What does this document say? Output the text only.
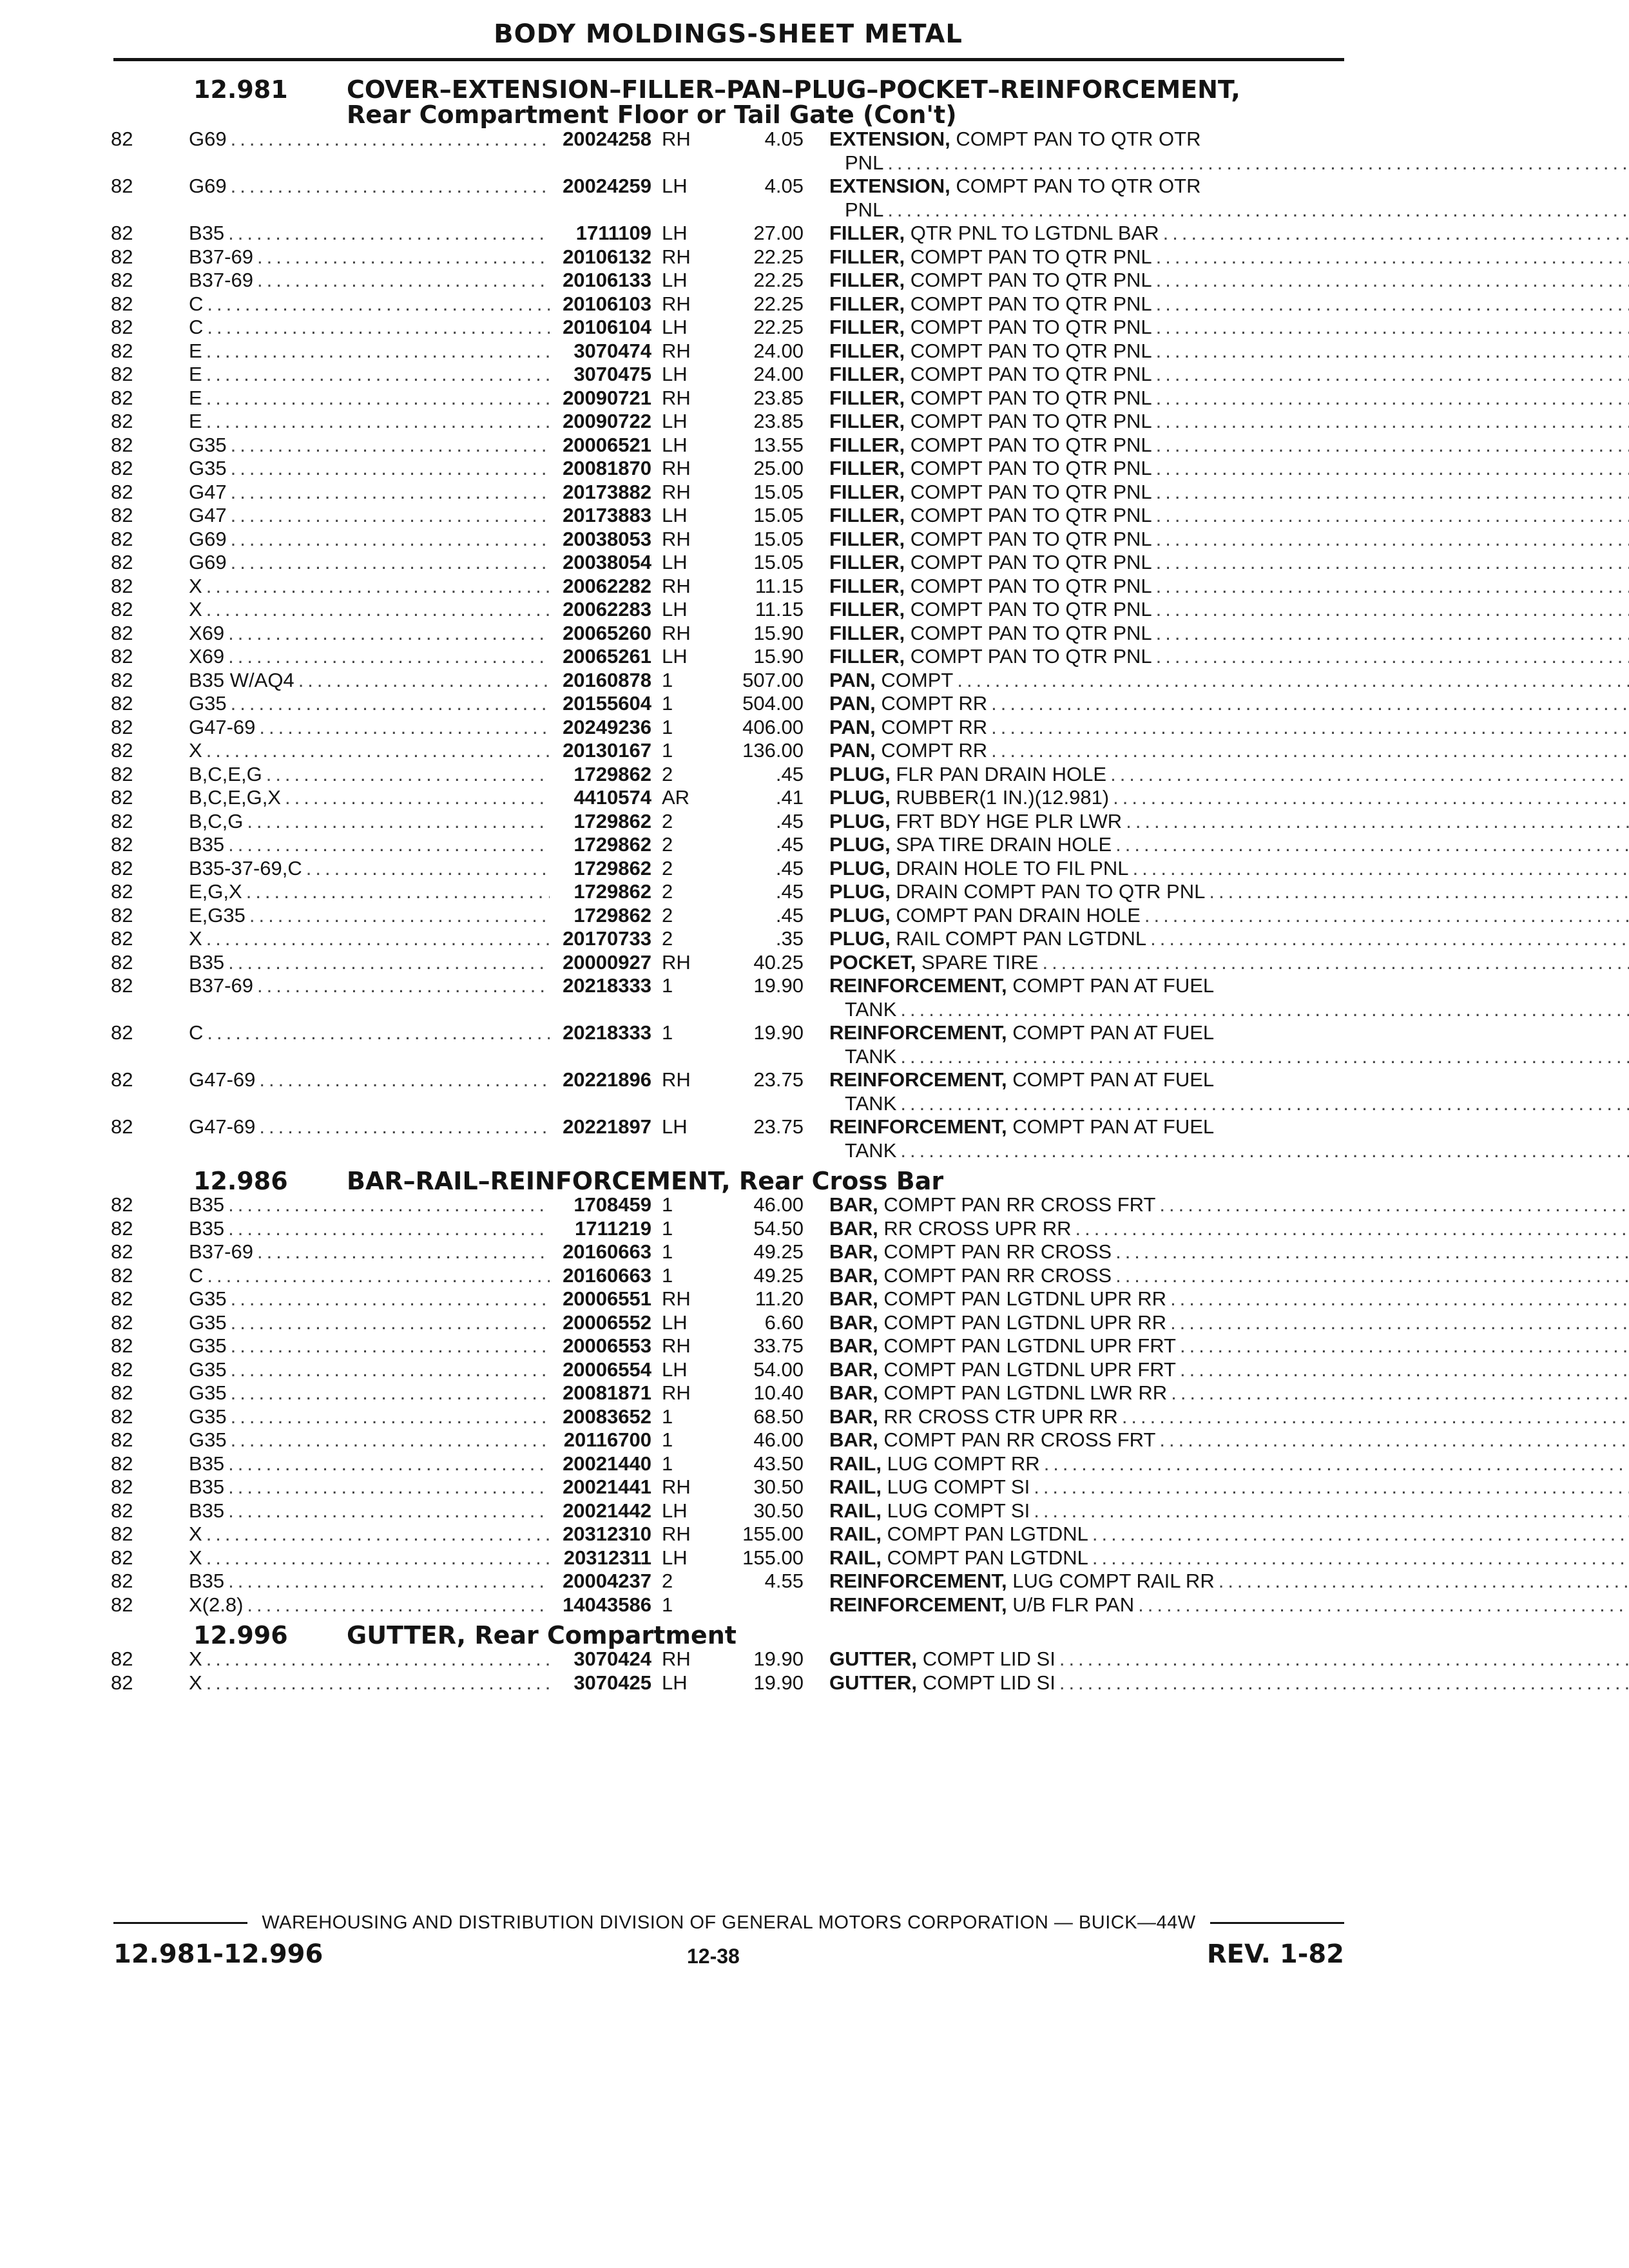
BODY MOLDINGS-SHEET METAL
12.981	COVER–EXTENSION–FILLER–PAN–PLUG–POCKET–REINFORCEMENT,
Rear Compartment Floor or Tail Gate (Con't)
82	G69 .....	20024258 RH	4.05 EXTENSION, COMPT PAN TO QTR OTR
PNL
.....
82	G69 .....	20024259 LH	4.05 EXTENSION, COMPT PAN TO QTR OTR
PNL
.....
82	B35 .....	1711109 LH	27.00 FILLER, QTR PNL TO LGTDNL BAR
.....
82	B37-69 .....	20106132 RH	22.25 FILLER, COMPT PAN TO QTR PNL
.....
82	B37-69 .....	20106133 LH	22.25 FILLER, COMPT PAN TO QTR PNL
.....
82	C .....	20106103 RH	22.25 FILLER, COMPT PAN TO QTR PNL
.....
82	C .....	20106104 LH	22.25 FILLER, COMPT PAN TO QTR PNL
.....
82	E .....	3070474 RH	24.00 FILLER, COMPT PAN TO QTR PNL
.....
82	E .....	3070475 LH	24.00 FILLER, COMPT PAN TO QTR PNL
.....
82	E .....	20090721 RH	23.85 FILLER, COMPT PAN TO QTR PNL
.....
82	E .....	20090722 LH	23.85 FILLER, COMPT PAN TO QTR PNL
.....
82	G35 .....	20006521 LH	13.55 FILLER, COMPT PAN TO QTR PNL
.....
82	G35 .....	20081870 RH	25.00 FILLER, COMPT PAN TO QTR PNL
.....
82	G47 .....	20173882 RH	15.05 FILLER, COMPT PAN TO QTR PNL
.....
82	G47 .....	20173883 LH	15.05 FILLER, COMPT PAN TO QTR PNL
.....
82	G69 .....	20038053 RH	15.05 FILLER, COMPT PAN TO QTR PNL
.....
82	G69 .....	20038054 LH	15.05 FILLER, COMPT PAN TO QTR PNL
.....
82	X .....	20062282 RH	11.15 FILLER, COMPT PAN TO QTR PNL
.....
82	X .....	20062283 LH	11.15 FILLER, COMPT PAN TO QTR PNL
.....
82	X69 .....	20065260 RH	15.90 FILLER, COMPT PAN TO QTR PNL
.....
82	X69 .....	20065261 LH	15.90 FILLER, COMPT PAN TO QTR PNL
.....
82	B35 W/AQ4 .....	20160878 1	507.00 PAN, COMPT
.....
82	G35 .....	20155604 1	504.00 PAN, COMPT RR
.....
82	G47-69 .....	20249236 1	406.00 PAN, COMPT RR
.....
82	X .....	20130167 1	136.00 PAN, COMPT RR
.....
82	B,C,E,G .....	1729862 2	.45 PLUG, FLR PAN DRAIN HOLE
.....
82	B,C,E,G,X .....	4410574 AR	.41 PLUG, RUBBER(1 IN.)(12.981)
.....
82	B,C,G .....	1729862 2	.45 PLUG, FRT BDY HGE PLR LWR
.....
82	B35 .....	1729862 2	.45 PLUG, SPA TIRE DRAIN HOLE
.....
82	B35-37-69,C .....	1729862 2	.45 PLUG, DRAIN HOLE TO FIL PNL
.....
82	E,G,X .....	1729862 2	.45 PLUG, DRAIN COMPT PAN TO QTR PNL
.....
82	E,G35 .....	1729862 2	.45 PLUG, COMPT PAN DRAIN HOLE
.....
82	X .....	20170733 2	.35 PLUG, RAIL COMPT PAN LGTDNL
.....
82	B35 .....	20000927 RH	40.25 POCKET, SPARE TIRE
.....
82	B37-69 .....	20218333 1	19.90 REINFORCEMENT, COMPT PAN AT FUEL
TANK
.....
82	C .....	20218333 1	19.90 REINFORCEMENT, COMPT PAN AT FUEL
TANK
.....
82	G47-69 .....	20221896 RH	23.75 REINFORCEMENT, COMPT PAN AT FUEL
TANK
.....
82	G47-69 .....	20221897 LH	23.75 REINFORCEMENT, COMPT PAN AT FUEL
TANK
.....
12.986	BAR–RAIL–REINFORCEMENT, Rear Cross Bar
82	B35 .....	1708459 1	46.00 BAR, COMPT PAN RR CROSS FRT
.....
82	B35 .....	1711219 1	54.50 BAR, RR CROSS UPR RR
.....
82	B37-69 .....	20160663 1	49.25 BAR, COMPT PAN RR CROSS
.....
82	C .....	20160663 1	49.25 BAR, COMPT PAN RR CROSS
.....
82	G35 .....	20006551 RH	11.20 BAR, COMPT PAN LGTDNL UPR RR
.....
82	G35 .....	20006552 LH	6.60 BAR, COMPT PAN LGTDNL UPR RR
.....
82	G35 .....	20006553 RH	33.75 BAR, COMPT PAN LGTDNL UPR FRT
.....
82	G35 .....	20006554 LH	54.00 BAR, COMPT PAN LGTDNL UPR FRT
.....
82	G35 .....	20081871 RH	10.40 BAR, COMPT PAN LGTDNL LWR RR
.....
82	G35 .....	20083652 1	68.50 BAR, RR CROSS CTR UPR RR
.....
82	G35 .....	20116700 1	46.00 BAR, COMPT PAN RR CROSS FRT
.....
82	B35 .....	20021440 1	43.50 RAIL, LUG COMPT RR
.....
82	B35 .....	20021441 RH	30.50 RAIL, LUG COMPT SI
.....
82	B35 .....	20021442 LH	30.50 RAIL, LUG COMPT SI
.....
82	X .....	20312310 RH	155.00 RAIL, COMPT PAN LGTDNL
.....
82	X .....	20312311 LH	155.00 RAIL, COMPT PAN LGTDNL
.....
82	B35 .....	20004237 2	4.55 REINFORCEMENT, LUG COMPT RAIL RR
.....
82	X(2.8) .....	14043586 1	REINFORCEMENT, U/B FLR PAN
.....
12.996	GUTTER, Rear Compartment
82	X .....	3070424 RH	19.90 GUTTER, COMPT LID SI
.....
82	X .....	3070425 LH	19.90 GUTTER, COMPT LID SI
.....
WAREHOUSING AND DISTRIBUTION DIVISION OF GENERAL MOTORS CORPORATION — BUICK—44W
12.981-12.996	12-38	REV. 1-82
